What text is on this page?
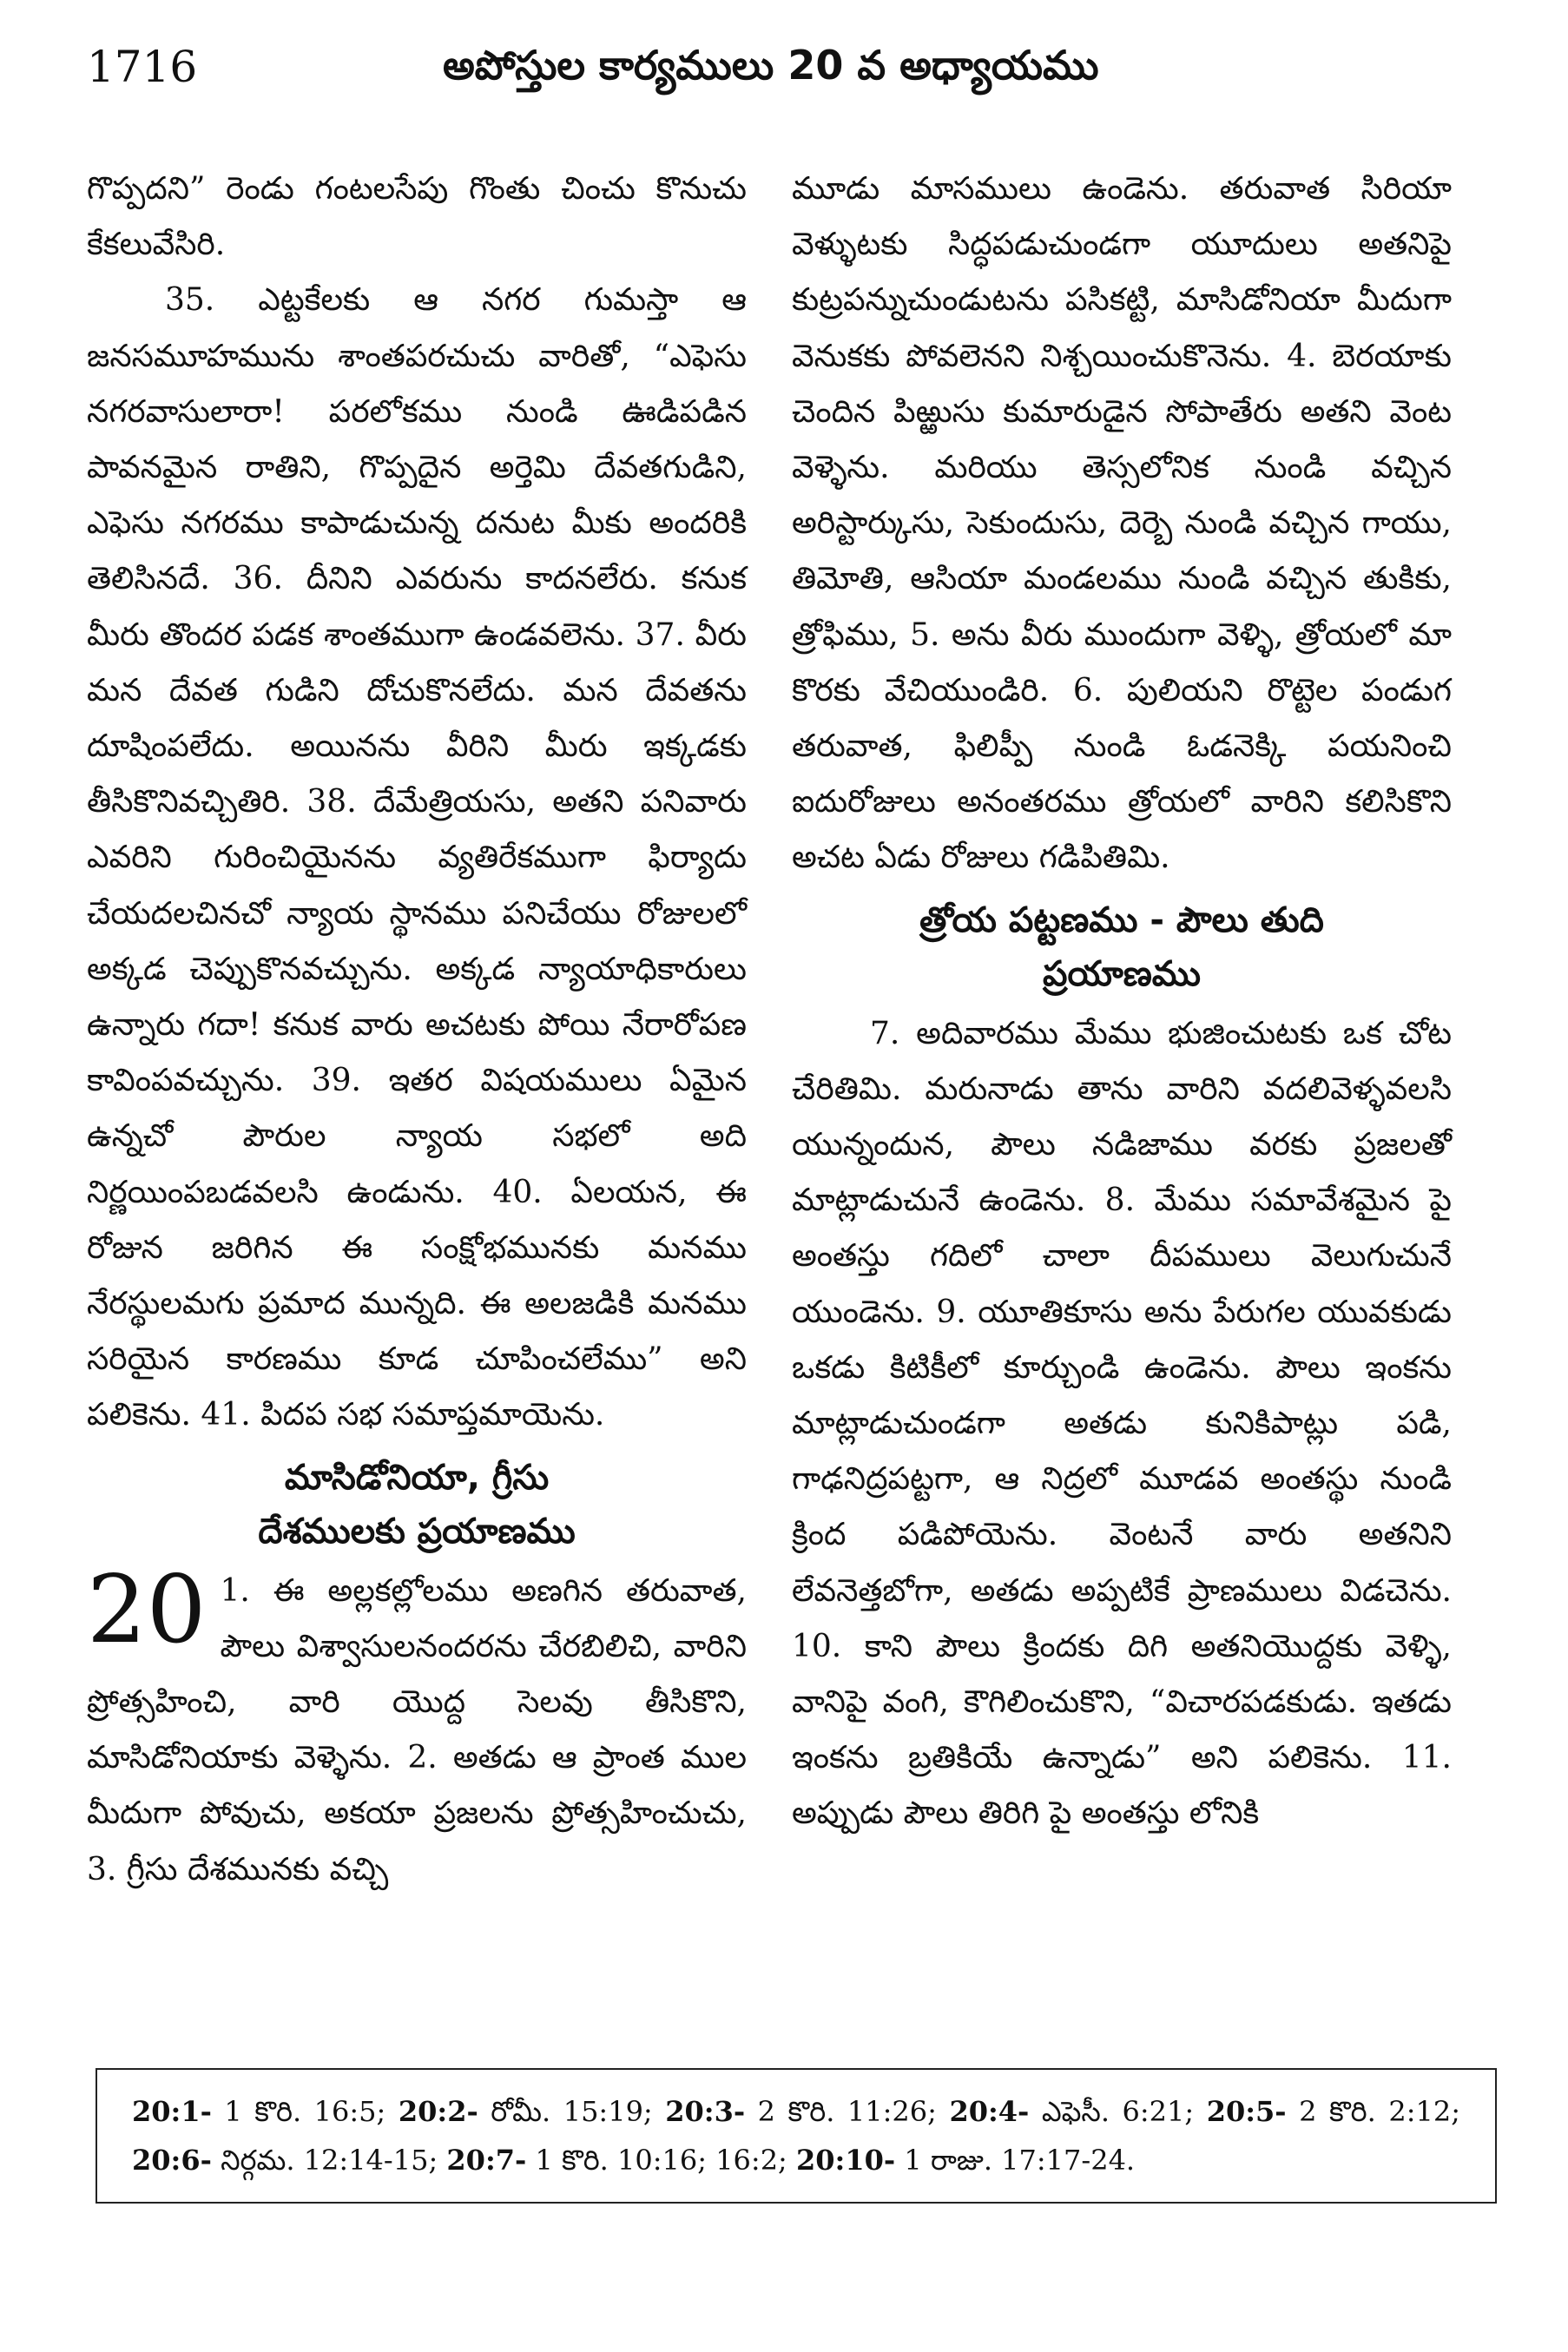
1716	అపోస్తుల కార్యములు 20 వ అధ్యాయము

గొప్పదని” రెండు గంటలసేపు గొంతు చించు కొనుచు కేకలువేసిరి.

35. ఎట్టకేలకు ఆ నగర గుమస్తా ఆ జనసమూహమును శాంతపరచుచు వారితో, “ఎఫెసు నగరవాసులారా! పరలోకము నుండి ఊడిపడిన పావనమైన రాతిని, గొప్పదైన అర్తెమి దేవతగుడిని, ఎఫెసు నగరము కాపాడుచున్న దనుట మీకు అందరికి తెలిసినదే. 36. దీనిని ఎవరును కాదనలేరు. కనుక మీరు తొందర పడక శాంతముగా ఉండవలెను. 37. వీరు మన దేవత గుడిని దోచుకొనలేదు. మన దేవతను దూషింపలేదు. అయినను వీరిని మీరు ఇక్కడకు తీసికొనివచ్చితిరి. 38. దేమేత్రియసు, అతని పనివారు ఎవరిని గురించియైనను వ్యతిరేకముగా ఫిర్యాదు చేయదలచినచో న్యాయ స్థానము పనిచేయు రోజులలో అక్కడ చెప్పుకొనవచ్చును. అక్కడ న్యాయాధికారులు ఉన్నారు గదా! కనుక వారు అచటకు పోయి నేరారోపణ కావింపవచ్చును. 39. ఇతర విషయములు ఏమైన ఉన్నచో పౌరుల న్యాయ సభలో అది నిర్ణయింపబడవలసి ఉండును. 40. ఏలయన, ఈ రోజున జరిగిన ఈ సంక్షోభమునకు మనము నేరస్థులమగు ప్రమాద మున్నది. ఈ అలజడికి మనము సరియైన కారణము కూడ చూపించలేము” అని పలికెను. 41. పిదప సభ సమాప్తమాయెను.

మాసిడోనియా, గ్రీసు
దేశములకు ప్రయాణము

20 1. ఈ అల్లకల్లోలము అణగిన తరువాత, పౌలు విశ్వాసులనందరను చేరబిలిచి, వారిని ప్రోత్సహించి, వారి యొద్ద సెలవు తీసికొని, మాసిడోనియాకు వెళ్ళెను. 2. అతడు ఆ ప్రాంత ముల మీదుగా పోవుచు, అకయా ప్రజలను ప్రోత్సహించుచు, 3. గ్రీసు దేశమునకు వచ్చి

మూడు మాసములు ఉండెను. తరువాత సిరియా వెళ్ళుటకు సిద్ధపడుచుండగా యూదులు అతనిపై కుట్రపన్నుచుండుటను పసికట్టి, మాసిడోనియా మీదుగా వెనుకకు పోవలెనని నిశ్చయించుకొనెను. 4. బెరయాకు చెందిన పిఱ్ఱుసు కుమారుడైన సోపాతేరు అతని వెంట వెళ్ళెను. మరియు తెస్సలోనిక నుండి వచ్చిన అరిస్టార్కుసు, సెకుందుసు, దెర్బె నుండి వచ్చిన గాయు, తిమోతి, ఆసియా మండలము నుండి వచ్చిన తుకికు, త్రోఫిము, 5. అను వీరు ముందుగా వెళ్ళి, త్రోయలో మా కొరకు వేచియుండిరి. 6. పులియని రొట్టెల పండుగ తరువాత, ఫిలిప్పీ నుండి ఓడనెక్కి పయనించి ఐదురోజులు అనంతరము త్రోయలో వారిని కలిసికొని అచట ఏడు రోజులు గడిపితిమి.

త్రోయ పట్టణము - పౌలు తుది
ప్రయాణము

7. అదివారము మేము భుజించుటకు ఒక చోట చేరితిమి. మరునాడు తాను వారిని వదలివెళ్ళవలసి యున్నందున, పౌలు నడిజాము వరకు ప్రజలతో మాట్లాడుచునే ఉండెను. 8. మేము సమావేశమైన పై అంతస్తు గదిలో చాలా దీపములు వెలుగుచునే యుండెను. 9. యూతికూసు అను పేరుగల యువకుడు ఒకడు కిటికీలో కూర్చుండి ఉండెను. పౌలు ఇంకను మాట్లాడుచుండగా అతడు కునికిపాట్లు పడి, గాఢనిద్రపట్టగా, ఆ నిద్రలో మూడవ అంతస్థు నుండి క్రింద పడిపోయెను. వెంటనే వారు అతనిని లేవనెత్తబోగా, అతడు అప్పటికే ప్రాణములు విడచెను. 10. కాని పౌలు క్రిందకు దిగి అతనియొద్దకు వెళ్ళి, వానిపై వంగి, కౌగిలించుకొని, “విచారపడకుడు. ఇతడు ఇంకను బ్రతికియే ఉన్నాడు” అని పలికెను. 11. అప్పుడు పౌలు తిరిగి పై అంతస్తు లోనికి

20:1- 1 కొరి. 16:5; 20:2- రోమీ. 15:19; 20:3- 2 కొరి. 11:26; 20:4- ఎఫెసీ. 6:21; 20:5- 2 కొరి. 2:12; 20:6- నిర్గమ. 12:14-15; 20:7- 1 కొరి. 10:16; 16:2; 20:10- 1 రాజు. 17:17-24.
